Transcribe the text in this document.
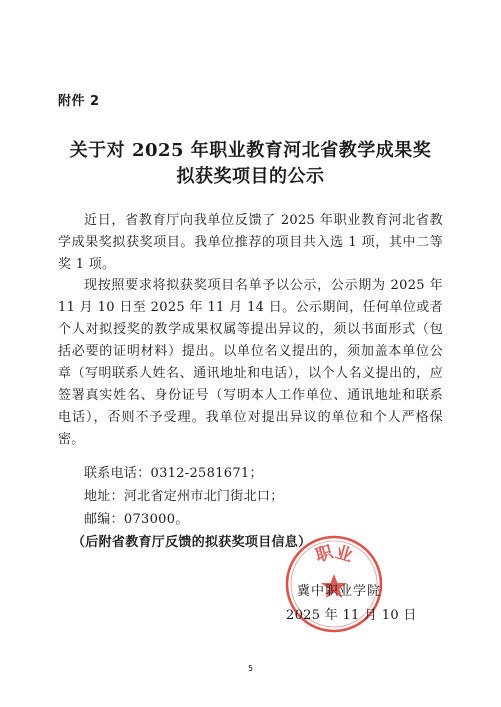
附件 2
关于对 2025 年职业教育河北省教学成果奖
拟获奖项目的公示
近日，省教育厅向我单位反馈了 2025 年职业教育河北省教学成果奖拟获奖项目。我单位推荐的项目共入选 1 项，其中二等奖 1 项。
现按照要求将拟获奖项目名单予以公示，公示期为 2025 年 11 月 10 日至 2025 年 11 月 14 日。公示期间，任何单位或者个人对拟授奖的教学成果权属等提出异议的，须以书面形式（包括必要的证明材料）提出。以单位名义提出的，须加盖本单位公章（写明联系人姓名、通讯地址和电话），以个人名义提出的，应签署真实姓名、身份证号（写明本人工作单位、通讯地址和联系电话），否则不予受理。我单位对提出异议的单位和个人严格保密。
联系电话：0312-2581671；
地址：河北省定州市北门街北口；
邮编：073000。
（后附省教育厅反馈的拟获奖项目信息） 职业
冀中职业学院
2025 年 11 月 10 日
5
